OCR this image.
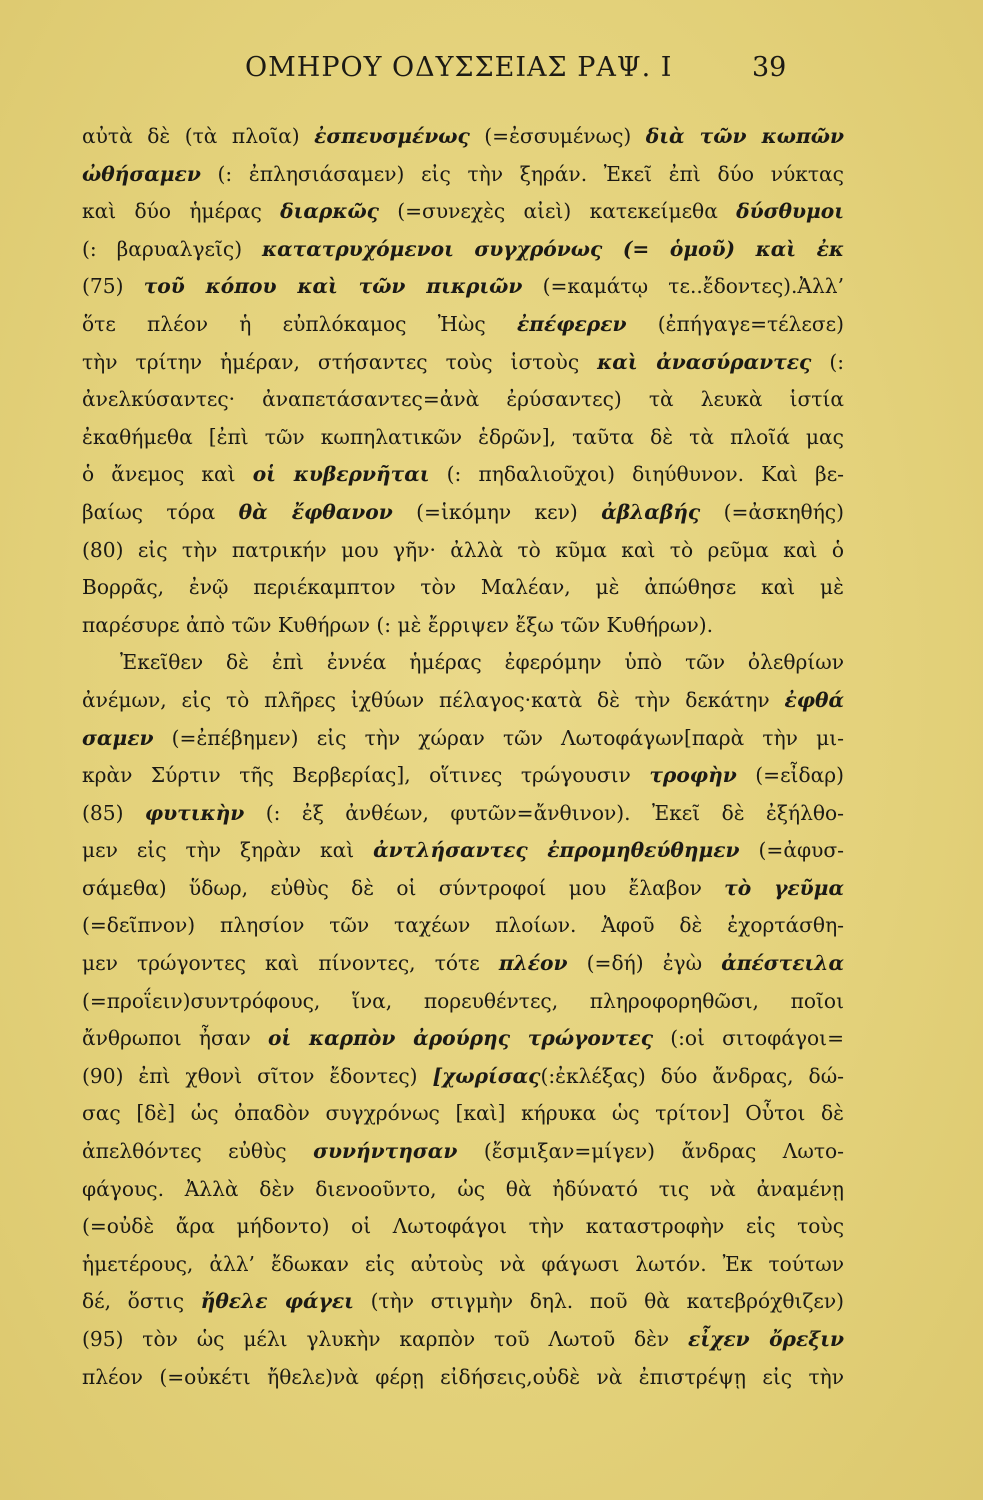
ΟΜΗΡΟΥ ΟΔΥΣΣΕΙΑΣ ΡΑΨ. Ι	39
αὐτὰ δὲ (τὰ πλοῖα) ἐσπευσμένως (=ἐσσυμένως) διὰ τῶν κωπῶν
ὠθήσαμεν (: ἐπλησιάσαμεν) εἰς τὴν ξηράν. Ἐκεῖ ἐπὶ δύο νύκτας
καὶ δύο ἡμέρας διαρκῶς (=συνεχὲς αἰεὶ) κατεκείμεθα δύσθυμοι
(: βαρυαλγεῖς) κατατρυχόμενοι συγχρόνως (= ὁμοῦ) καὶ ἐκ
(75) τοῦ κόπου καὶ τῶν πικριῶν (=καμάτῳ τε..ἔδοντες).Ἀλλ’
ὅτε πλέον ἡ εὐπλόκαμος Ἠὼς ἐπέφερεν (ἐπήγαγε=τέλεσε)
τὴν τρίτην ἡμέραν, στήσαντες τοὺς ἱστοὺς καὶ ἀνασύραντες (:
ἀνελκύσαντες· ἀναπετάσαντες=ἀνὰ ἐρύσαντες) τὰ λευκὰ ἱστία
ἐκαθήμεθα [ἐπὶ τῶν κωπηλατικῶν ἑδρῶν], ταῦτα δὲ τὰ πλοῖά μας
ὁ ἄνεμος καὶ οἱ κυβερνῆται (: πηδαλιοῦχοι) διηύθυνον. Καὶ βε-
βαίως τόρα θὰ ἔφθανον (=ἱκόμην κεν) ἀβλαβής (=ἀσκηθής)
(80) εἰς τὴν πατρικήν μου γῆν· ἀλλὰ τὸ κῦμα καὶ τὸ ρεῦμα καὶ ὁ
Βορρᾶς, ἐνῷ περιέκαμπτον τὸν Μαλέαν, μὲ ἀπώθησε καὶ μὲ
παρέσυρε ἀπὸ τῶν Κυθήρων (: μὲ ἔρριψεν ἔξω τῶν Κυθήρων).
Ἐκεῖθεν δὲ ἐπὶ ἐννέα ἡμέρας ἐφερόμην ὑπὸ τῶν ὀλεθρίων
ἀνέμων, εἰς τὸ πλῆρες ἰχθύων πέλαγος·κατὰ δὲ τὴν δεκάτην ἐφθά
σαμεν (=ἐπέβημεν) εἰς τὴν χώραν τῶν Λωτοφάγων[παρὰ τὴν μι-
κρὰν Σύρτιν τῆς Βερβερίας], οἵτινες τρώγουσιν τροφὴν (=εἶδαρ)
(85) φυτικὴν (: ἐξ ἀνθέων, φυτῶν=ἄνθινον). Ἐκεῖ δὲ ἐξήλθο-
μεν εἰς τὴν ξηρὰν καὶ ἀντλήσαντες ἐπρομηθεύθημεν (=ἀφυσ-
σάμεθα) ὕδωρ, εὐθὺς δὲ οἱ σύντροφοί μου ἔλαβον τὸ γεῦμα
(=δεῖπνον) πλησίον τῶν ταχέων πλοίων. Ἀφοῦ δὲ ἐχορτάσθη-
μεν τρώγοντες καὶ πίνοντες, τότε πλέον (=δή) ἐγὼ ἀπέστειλα
(=προΐειν)συντρόφους, ἵνα, πορευθέντες, πληροφορηθῶσι, ποῖοι
ἄνθρωποι ἦσαν οἱ καρπὸν ἀρούρης τρώγοντες (:οἱ σιτοφάγοι=
(90) ἐπὶ χθονὶ σῖτον ἔδοντες) [χωρίσας(:ἐκλέξας) δύο ἄνδρας, δώ-
σας [δὲ] ὡς ὀπαδὸν συγχρόνως [καὶ] κήρυκα ὡς τρίτον] Οὗτοι δὲ
ἀπελθόντες εὐθὺς συνήντησαν (ἔσμιξαν=μίγεν) ἄνδρας Λωτο-
φάγους. Ἀλλὰ δὲν διενοοῦντο, ὡς θὰ ἠδύνατό τις νὰ ἀναμένῃ
(=οὐδὲ ἄρα μήδοντο) οἱ Λωτοφάγοι τὴν καταστροφὴν εἰς τοὺς
ἡμετέρους, ἀλλ’ ἔδωκαν εἰς αὐτοὺς νὰ φάγωσι λωτόν. Ἐκ τούτων
δέ, ὅστις ἤθελε φάγει (τὴν στιγμὴν δηλ. ποῦ θὰ κατεβρόχθιζεν)
(95) τὸν ὡς μέλι γλυκὴν καρπὸν τοῦ Λωτοῦ δὲν εἶχεν ὄρεξιν
πλέον (=οὐκέτι ἤθελε)νὰ φέρῃ εἰδήσεις,οὐδὲ νὰ ἐπιστρέψῃ εἰς τὴν
